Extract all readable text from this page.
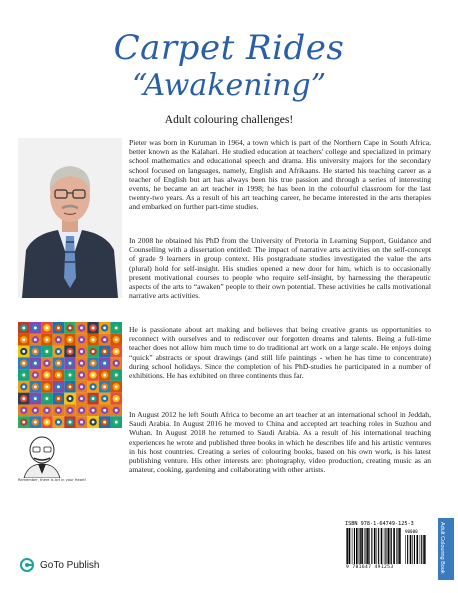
Carpet Rides
“Awakening”
Adult colouring challenges!

Pieter was born in Kuruman in 1964, a town which is part of the Northern Cape in South Africa, better known as the Kalahari. He studied education at teachers' college and specialized in primary school mathematics and educational speech and drama. His university majors for the secondary school focused on languages, namely, English and Afrikaans. He started his teaching career as a teacher of English but art has always been his true passion and through a series of interesting events, he became an art teacher in 1998; he has been in the colourful classroom for the last twenty-two years. As a result of his art teaching career, he became interested in the arts therapies and embarked on further part-time studies.

In 2008 he obtained his PhD from the University of Pretoria in Learning Support, Guidance and Counselling with a dissertation entitled: The impact of narrative arts activities on the self-concept of grade 9 learners in group context. His postgraduate studies investigated the value the arts (plural) hold for self-insight. His studies opened a new door for him, which is to occasionally present motivational courses to people who require self-insight, by harnessing the therapeutic aspects of the arts to “awaken” people to their own potential. These activities he calls motivational narrative arts activities.

Remember, there is Art in your Heart!

He is passionate about art making and believes that being creative grants us opportunities to reconnect with ourselves and to rediscover our forgotten dreams and talents. Being a full-time teacher does not allow him much time to do traditional art work on a large scale. He enjoys doing “quick” abstracts or spout drawings (and still life paintings - when he has time to concentrate) during school holidays. Since the completion of his PhD-studies he participated in a number of exhibitions. He has exhibited on three continents thus far.

In August 2012 he left South Africa to become an art teacher at an international school in Jeddah, Saudi Arabia. In August 2016 he moved to China and accepted art teaching roles in Suzhou and Wuhan. In August 2018 he returned to Saudi Arabia. As a result of his international teaching experiences he wrote and published three books in which he describes life and his artistic ventures in his host countries. Creating a series of colouring books, based on his own work, is his latest publishing venture. His other interests are: photography, video production, creating music as an amateur, cooking, gardening and collaborating with other artists.

GoTo Publish
ISBN 978-1-64749-125-3
90000
9 781647 491253	Adult Colouring Book
